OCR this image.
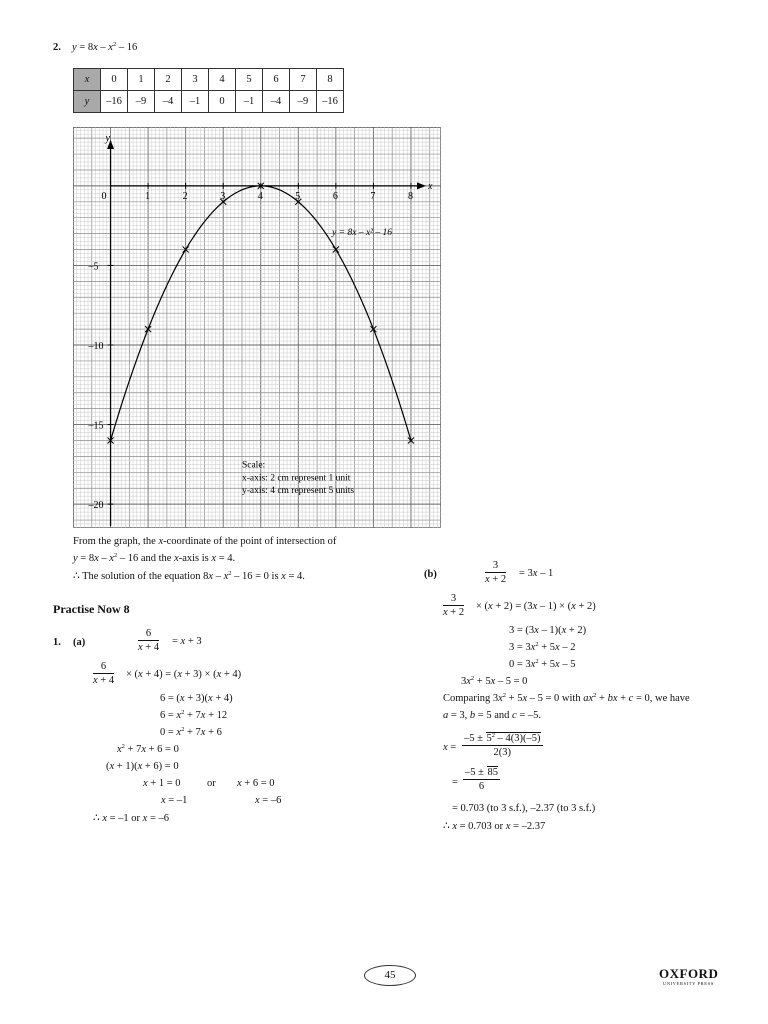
2. $y = 8x - x^2 - 16$
x	0	1	2	3	4	5	6	7	8
y	–16	–9	–4	–1	0	–1	–4	–9	–16
y
x
0	1	2	3	4	5	6	7	8
–5
–10
–15
–20
y = 8x – x² – 16
Scale:
x-axis: 2 cm represent 1 unit
y-axis: 4 cm represent 5 units
From the graph, the x-coordinate of the point of intersection of
$y = 8x - x^2 - 16$ and the x-axis is x = 4.
∴ The solution of the equation $8x - x^2 - 16 = 0$ is x = 4.
Practise Now 8
1. (a)	$\frac{6}{x + 4} = x + 3$
$\frac{6}{x + 4} \times (x + 4) = (x + 3) \times (x + 4)$
6 = (x + 3)(x + 4)
$6 = x^2 + 7x + 12$
$0 = x^2 + 7x + 6$
$x^2 + 7x + 6 = 0$
(x + 1)(x + 6) = 0
x + 1 = 0	or x + 6 = 0
x = –1	x = –6
∴ x = –1 or x = –6
(b)	$\frac{3}{x + 2} = 3x - 1$
$\frac{3}{x + 2} \times (x + 2) = (3x - 1) \times (x + 2)$
3 = (3x – 1)(x + 2)
$3 = 3x^2 + 5x - 2$
$0 = 3x^2 + 5x - 5$
$3x^2 + 5x - 5 = 0$
Comparing $3x^2 + 5x - 5 = 0$ with $ax^2$ + bx + c = 0, we have
a = 3, b = 5 and c = –5.
$x = \frac{-5 \pm 5^2 - 4(3)(-5)}{2(3)}$
= $\frac{-5 \pm 85}{6}$
= 0.703 (to 3 s.f.), –2.37 (to 3 s.f.)
∴ x = 0.703 or x = –2.37
45	OXFORD
UNIVERSITY PRESS
